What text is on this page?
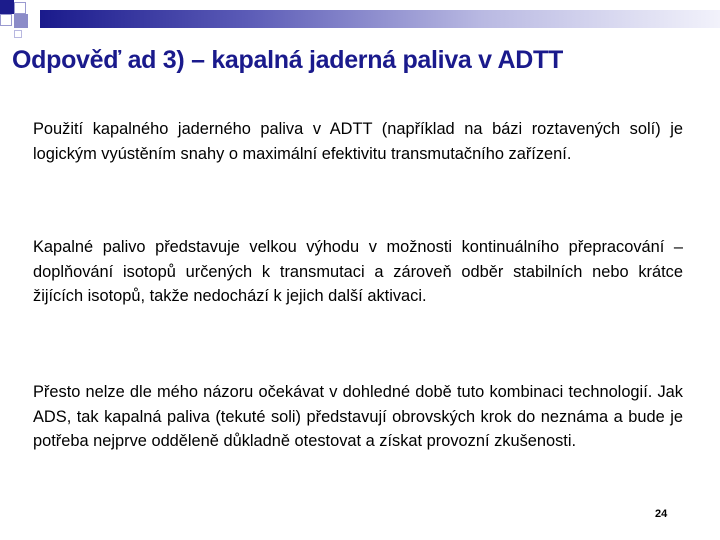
Odpověď ad 3) – kapalná jaderná paliva v ADTT

Použití kapalného jaderného paliva v ADTT (například na bázi roztavených solí) je logickým vyústěním snahy o maximální efektivitu transmutačního zařízení.

Kapalné palivo představuje velkou výhodu v možnosti kontinuálního přepracování – doplňování isotopů určených k transmutaci a zároveň odběr stabilních nebo krátce žijících isotopů, takže nedochází k jejich další aktivaci.

Přesto nelze dle mého názoru očekávat v dohledné době tuto kombinaci technologií. Jak ADS, tak kapalná paliva (tekuté soli) představují obrovských krok do neznáma a bude je potřeba nejprve odděleně důkladně otestovat a získat provozní zkušenosti.

24
